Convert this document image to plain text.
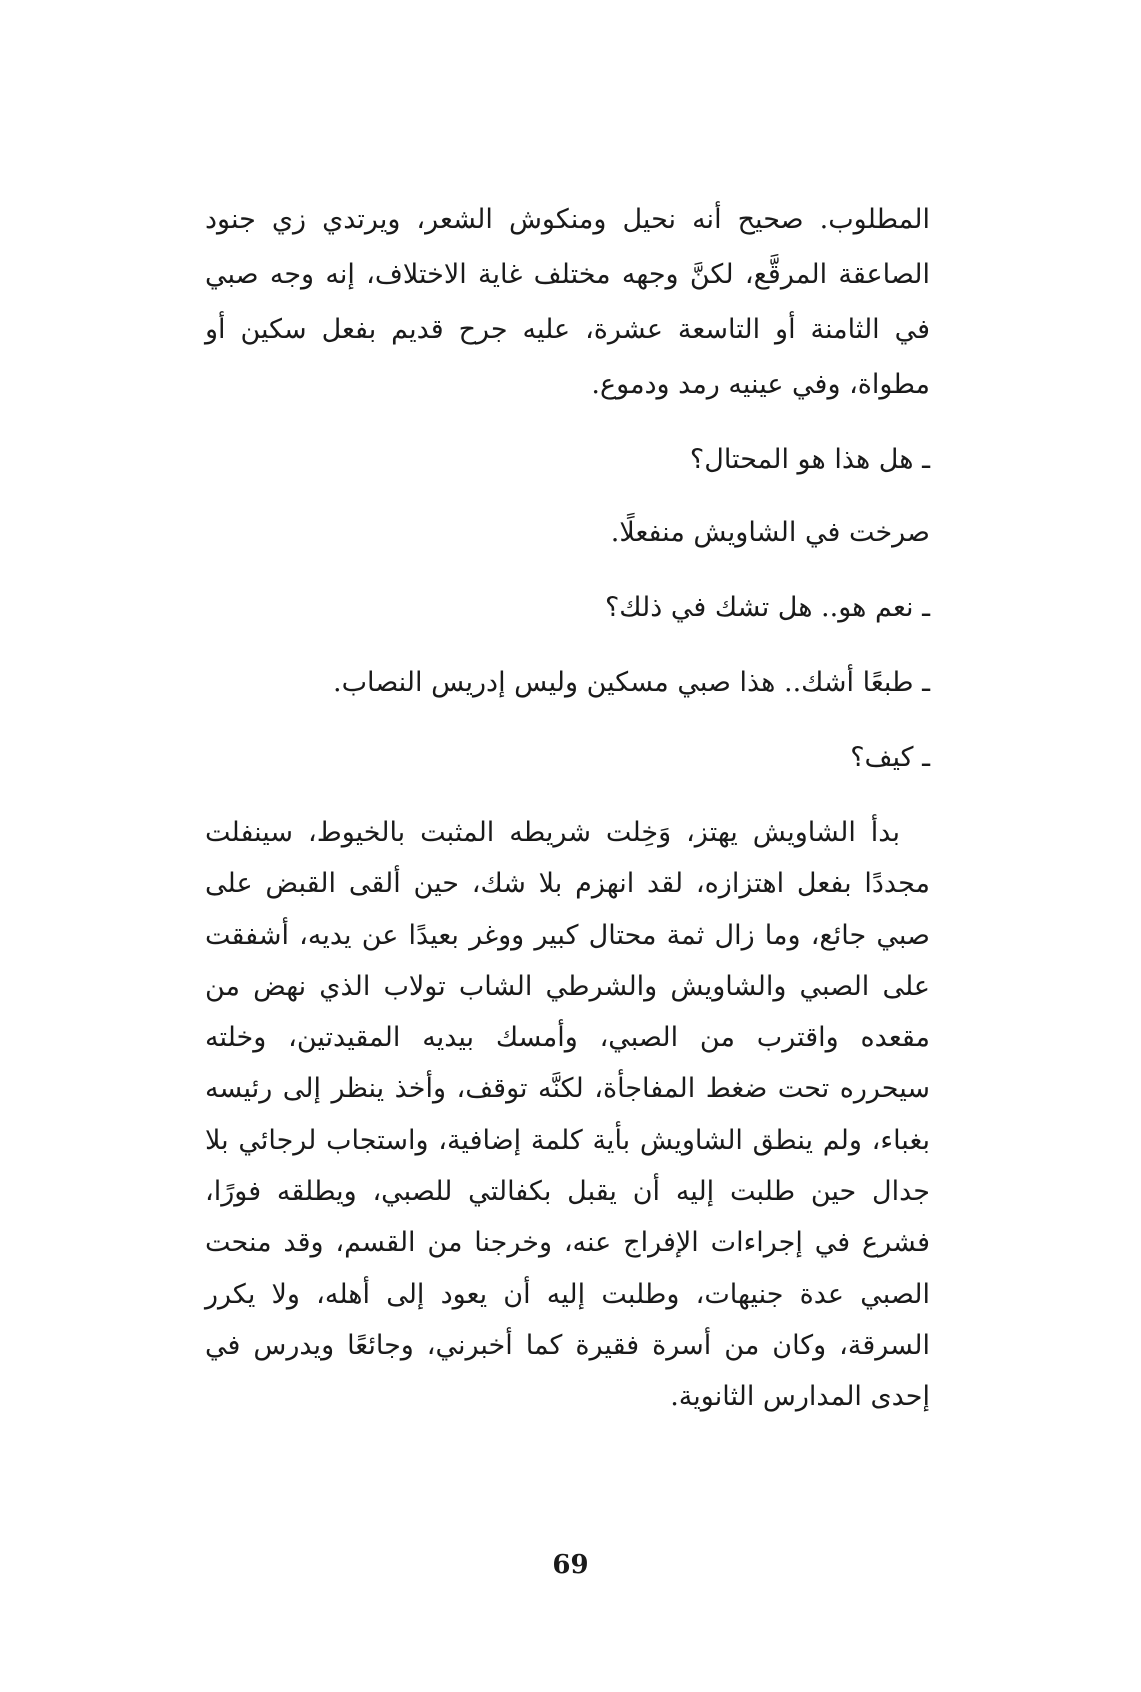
المطلوب. صحيح أنه نحيل ومنكوش الشعر، ويرتدي زي جنود الصاعقة المرقَّع، لكنَّ وجهه مختلف غاية الاختلاف، إنه وجه صبي في الثامنة أو التاسعة عشرة، عليه جرح قديم بفعل سكين أو مطواة، وفي عينيه رمد ودموع.

ـ هل هذا هو المحتال؟

صرخت في الشاويش منفعلًا.

ـ نعم هو.. هل تشك في ذلك؟

ـ طبعًا أشك.. هذا صبي مسكين وليس إدريس النصاب.

ـ كيف؟

بدأ الشاويش يهتز، وَخِلت شريطه المثبت بالخيوط، سينفلت مجددًا بفعل اهتزازه، لقد انهزم بلا شك، حين ألقى القبض على صبي جائع، وما زال ثمة محتال كبير ووغر بعيدًا عن يديه، أشفقت على الصبي والشاويش والشرطي الشاب تولاب الذي نهض من مقعده واقترب من الصبي، وأمسك بيديه المقيدتين، وخلته سيحرره تحت ضغط المفاجأة، لكنَّه توقف، وأخذ ينظر إلى رئيسه بغباء، ولم ينطق الشاويش بأية كلمة إضافية، واستجاب لرجائي بلا جدال حين طلبت إليه أن يقبل بكفالتي للصبي، ويطلقه فورًا، فشرع في إجراءات الإفراج عنه، وخرجنا من القسم، وقد منحت الصبي عدة جنيهات، وطلبت إليه أن يعود إلى أهله، ولا يكرر السرقة، وكان من أسرة فقيرة كما أخبرني، وجائعًا ويدرس في إحدى المدارس الثانوية.

69
